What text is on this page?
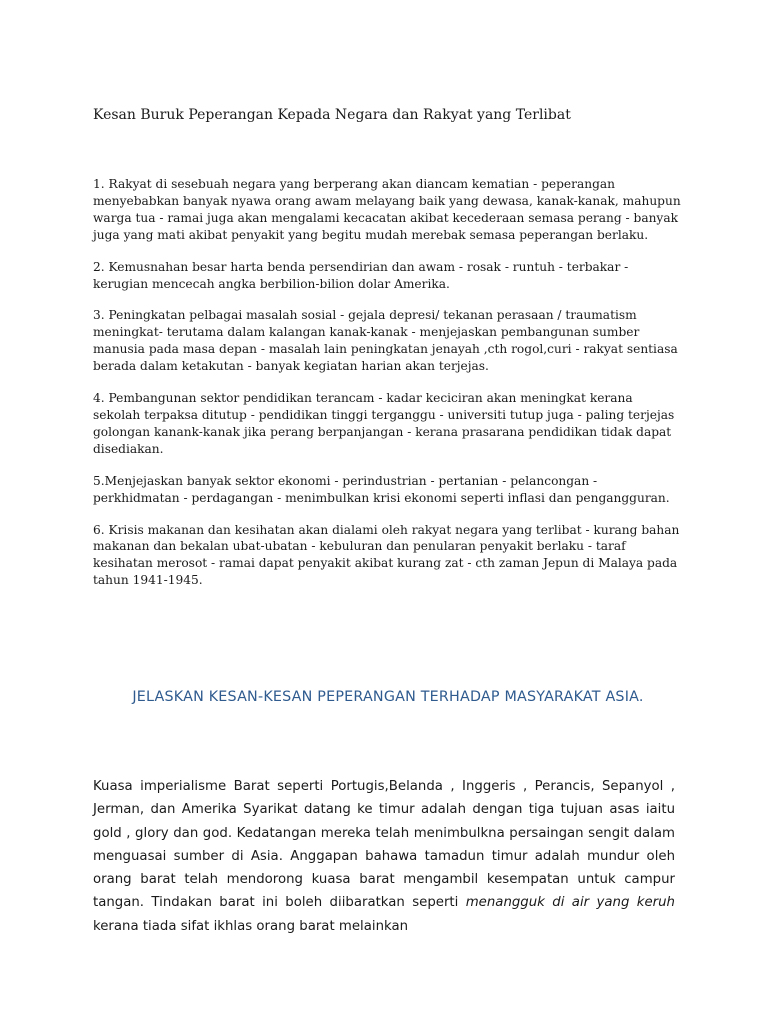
Kesan Buruk Peperangan Kepada Negara dan Rakyat yang Terlibat

1. Rakyat di sesebuah negara yang berperang akan diancam kematian - peperangan menyebabkan banyak nyawa orang awam melayang baik yang dewasa, kanak-kanak, mahupun warga tua - ramai juga akan mengalami kecacatan akibat kecederaan semasa perang - banyak juga yang mati akibat penyakit yang begitu mudah merebak semasa peperangan berlaku.

2. Kemusnahan besar harta benda persendirian dan awam - rosak - runtuh - terbakar - kerugian mencecah angka berbilion-bilion dolar Amerika.

3. Peningkatan pelbagai masalah sosial - gejala depresi/ tekanan perasaan / traumatism meningkat- terutama dalam kalangan kanak-kanak - menjejaskan pembangunan sumber manusia pada masa depan - masalah lain peningkatan jenayah ,cth rogol,curi - rakyat sentiasa berada dalam ketakutan - banyak kegiatan harian akan terjejas.

4. Pembangunan sektor pendidikan terancam - kadar keciciran akan meningkat kerana sekolah terpaksa ditutup - pendidikan tinggi terganggu - universiti tutup juga - paling terjejas golongan kanank-kanak jika perang berpanjangan - kerana prasarana pendidikan tidak dapat disediakan.

5.Menjejaskan banyak sektor ekonomi - perindustrian - pertanian - pelancongan - perkhidmatan - perdagangan - menimbulkan krisi ekonomi seperti inflasi dan pengangguran.

6. Krisis makanan dan kesihatan akan dialami oleh rakyat negara yang terlibat - kurang bahan makanan dan bekalan ubat-ubatan - kebuluran dan penularan penyakit berlaku - taraf kesihatan merosot - ramai dapat penyakit akibat kurang zat - cth zaman Jepun di Malaya pada tahun 1941-1945.

JELASKAN KESAN-KESAN PEPERANGAN TERHADAP MASYARAKAT ASIA.

Kuasa imperialisme Barat seperti Portugis,Belanda , Inggeris , Perancis, Sepanyol , Jerman, dan Amerika Syarikat datang ke timur adalah dengan tiga tujuan asas iaitu gold , glory dan god. Kedatangan mereka telah menimbulkna persaingan sengit dalam menguasai sumber di Asia. Anggapan bahawa tamadun timur adalah mundur oleh orang barat telah mendorong kuasa barat mengambil kesempatan untuk campur tangan. Tindakan barat ini boleh diibaratkan seperti menangguk di air yang keruh kerana tiada sifat ikhlas orang barat melainkan
